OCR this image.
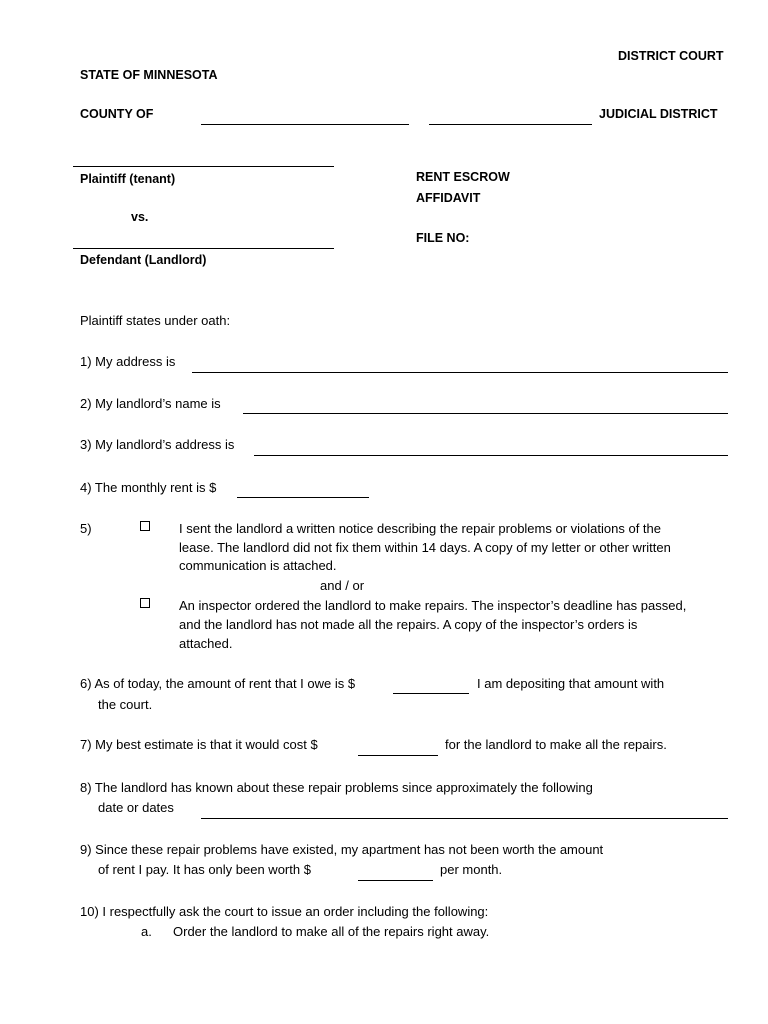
DISTRICT COURT
STATE OF MINNESOTA
COUNTY OF	JUDICIAL DISTRICT
Plaintiff (tenant)
vs.
Defendant (Landlord)
RENT ESCROW
AFFIDAVIT
FILE NO:
Plaintiff states under oath:
1) My address is
2) My landlord’s name is
3) My landlord’s address is
4) The monthly rent is $
5)	I sent the landlord a written notice describing the repair problems or violations of the
lease. The landlord did not fix them within 14 days. A copy of my letter or other written
communication is attached.
and / or
An inspector ordered the landlord to make repairs. The inspector’s deadline has passed,
and the landlord has not made all the repairs. A copy of the inspector’s orders is
attached.
6) As of today, the amount of rent that I owe is $	I am depositing that amount with
the court.
7) My best estimate is that it would cost $	for the landlord to make all the repairs.
8) The landlord has known about these repair problems since approximately the following
date or dates
9) Since these repair problems have existed, my apartment has not been worth the amount
of rent I pay. It has only been worth $	per month.
10) I respectfully ask the court to issue an order including the following:
a. Order the landlord to make all of the repairs right away.
